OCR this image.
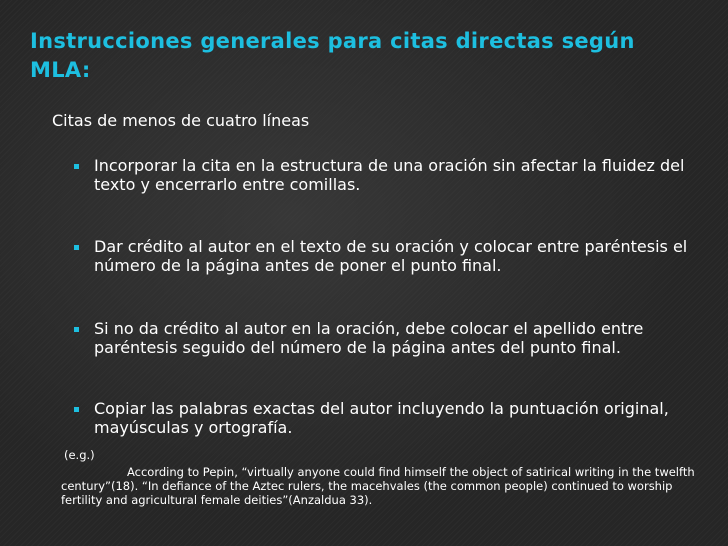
Instrucciones generales para citas directas según MLA:

Citas de menos de cuatro líneas

Incorporar la cita en la estructura de una oración sin afectar la fluidez del texto y encerrarlo entre comillas.
Dar crédito al autor en el texto de su oración y colocar entre paréntesis el número de la página antes de poner el punto final.
Si no da crédito al autor en la oración, debe colocar el apellido entre paréntesis seguido del número de la página antes del punto final.
Copiar las palabras exactas del autor incluyendo la puntuación original, mayúsculas y ortografía.
(e.g.)

According to Pepin, “virtually anyone could find himself the object of satirical writing in the twelfth century”(18). “In defiance of the Aztec rulers, the macehvales (the common people) continued to worship fertility and agricultural female deities”(Anzaldua 33).
